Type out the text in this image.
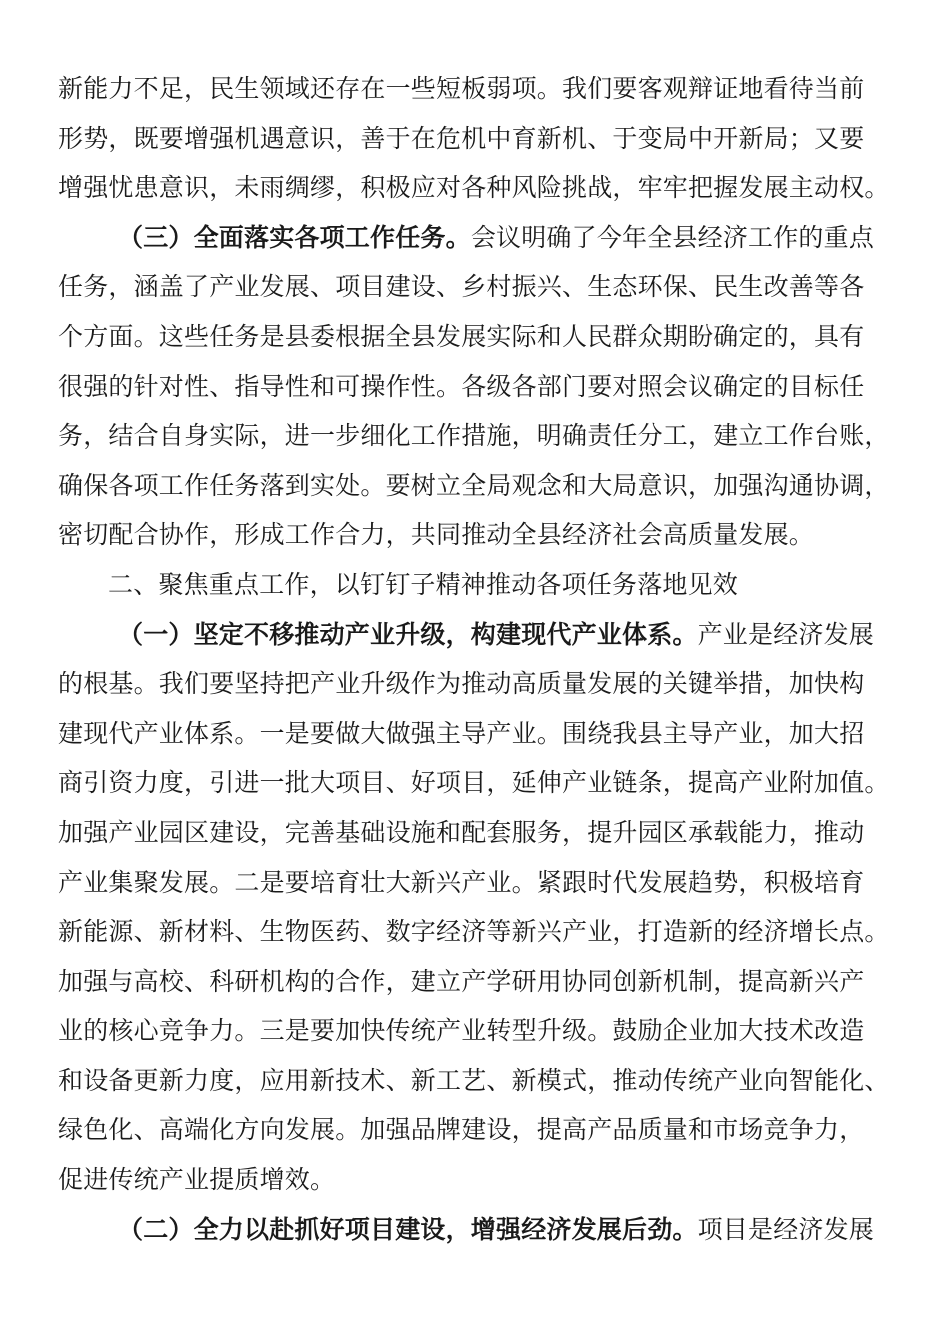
新能力不足，民生领域还存在一些短板弱项。我们要客观辩证地看待当前
形势，既要增强机遇意识，善于在危机中育新机、于变局中开新局；又要
增强忧患意识，未雨绸缪，积极应对各种风险挑战，牢牢把握发展主动权。
（三）全面落实各项工作任务。会议明确了今年全县经济工作的重点
任务，涵盖了产业发展、项目建设、乡村振兴、生态环保、民生改善等各
个方面。这些任务是县委根据全县发展实际和人民群众期盼确定的，具有
很强的针对性、指导性和可操作性。各级各部门要对照会议确定的目标任
务，结合自身实际，进一步细化工作措施，明确责任分工，建立工作台账，
确保各项工作任务落到实处。要树立全局观念和大局意识，加强沟通协调，
密切配合协作，形成工作合力，共同推动全县经济社会高质量发展。
二、聚焦重点工作，以钉钉子精神推动各项任务落地见效
（一）坚定不移推动产业升级，构建现代产业体系。产业是经济发展
的根基。我们要坚持把产业升级作为推动高质量发展的关键举措，加快构
建现代产业体系。一是要做大做强主导产业。围绕我县主导产业，加大招
商引资力度，引进一批大项目、好项目，延伸产业链条，提高产业附加值。
加强产业园区建设，完善基础设施和配套服务，提升园区承载能力，推动
产业集聚发展。二是要培育壮大新兴产业。紧跟时代发展趋势，积极培育
新能源、新材料、生物医药、数字经济等新兴产业，打造新的经济增长点。
加强与高校、科研机构的合作，建立产学研用协同创新机制，提高新兴产
业的核心竞争力。三是要加快传统产业转型升级。鼓励企业加大技术改造
和设备更新力度，应用新技术、新工艺、新模式，推动传统产业向智能化、
绿色化、高端化方向发展。加强品牌建设，提高产品质量和市场竞争力，
促进传统产业提质增效。
（二）全力以赴抓好项目建设，增强经济发展后劲。项目是经济发展
